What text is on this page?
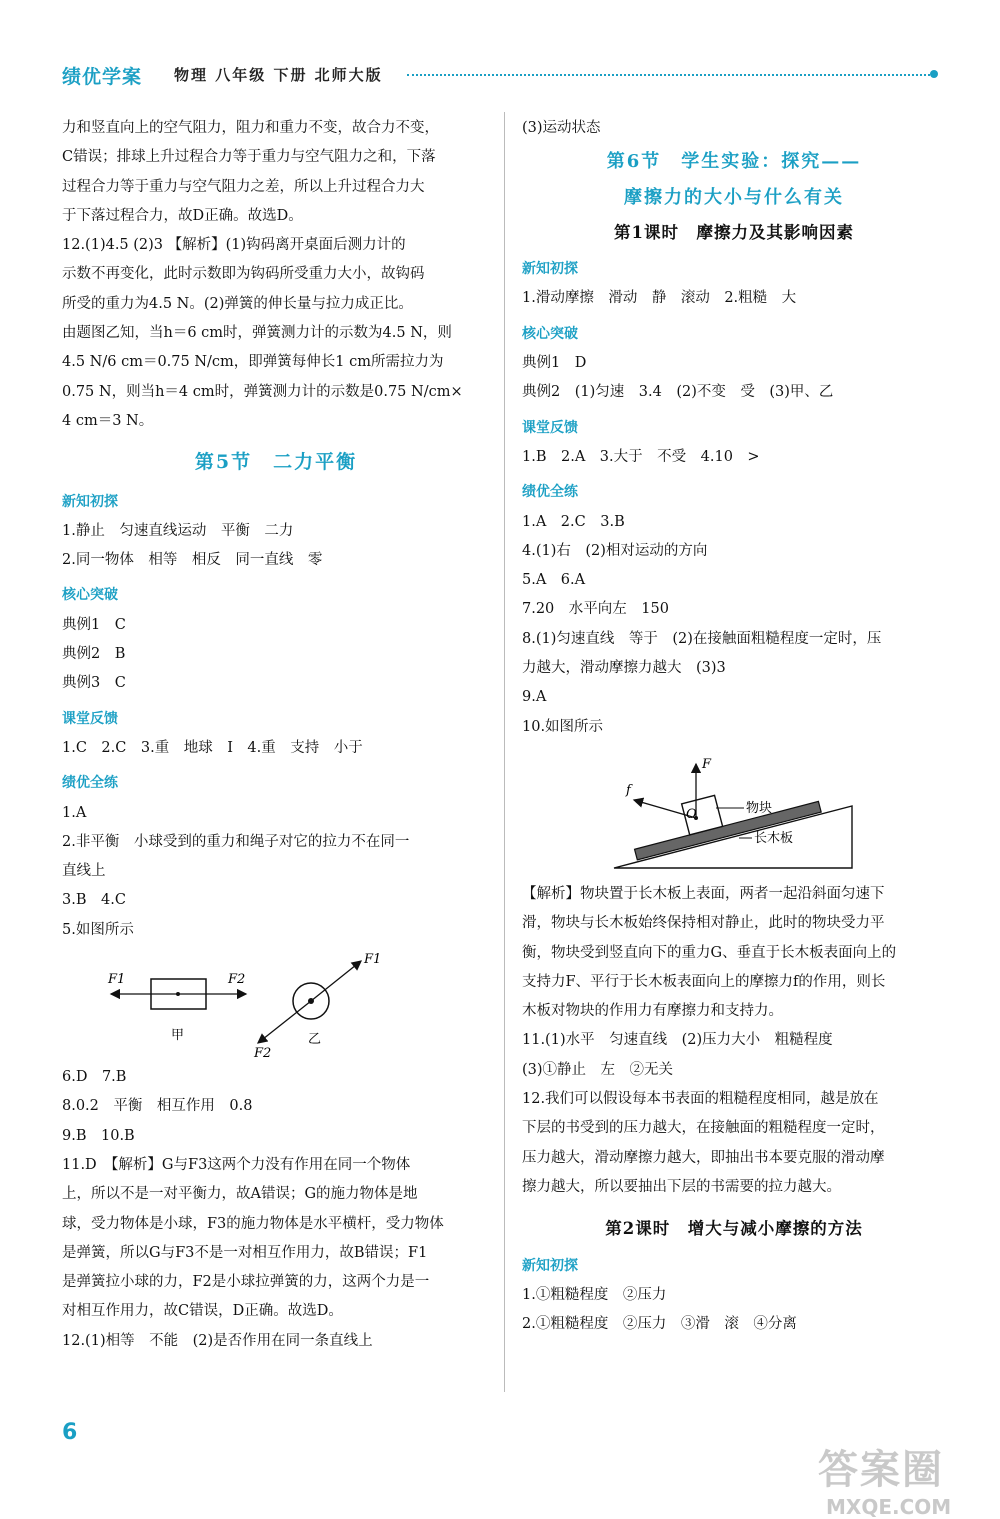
绩优学案 物理 八年级 下册 北师大版

力和竖直向上的空气阻力，阻力和重力不变，故合力不变，

C错误；排球上升过程合力等于重力与空气阻力之和，下落

过程合力等于重力与空气阻力之差，所以上升过程合力大

于下落过程合力，故D正确。故选D。

12.(1)4.5 (2)3 【解析】(1)钩码离开桌面后测力计的

示数不再变化，此时示数即为钩码所受重力大小，故钩码

所受的重力为4.5 N。(2)弹簧的伸长量与拉力成正比。

由题图乙知，当h＝6 cm时，弹簧测力计的示数为4.5 N，则

4.5 N/6 cm＝0.75 N/cm，即弹簧每伸长1 cm所需拉力为

0.75 N，则当h＝4 cm时，弹簧测力计的示数是0.75 N/cm×

4 cm＝3 N。

第5节　二力平衡
新知初探

1.静止　匀速直线运动　平衡　二力

2.同一物体　相等　相反　同一直线　零

核心突破

典例1　C

典例2　B

典例3　C

课堂反馈

1.C　2.C　3.重　地球　I　4.重　支持　小于

绩优全练

1.A

2.非平衡　小球受到的重力和绳子对它的拉力不在同一

直线上

3.B　4.C

5.如图所示

F1	F2
甲
F1
F2
乙

6.D　7.B

8.0.2　平衡　相互作用　0.8

9.B　10.B

11.D　【解析】G与F3这两个力没有作用在同一个物体

上，所以不是一对平衡力，故A错误；G的施力物体是地

球，受力物体是小球，F3的施力物体是水平横杆，受力物体

是弹簧，所以G与F3不是一对相互作用力，故B错误；F1

是弹簧拉小球的力，F2是小球拉弹簧的力，这两个力是一

对相互作用力，故C错误，D正确。故选D。

12.(1)相等　不能　(2)是否作用在同一条直线上

(3)运动状态

第6节　学生实验：探究——
摩擦力的大小与什么有关
第1课时　摩擦力及其影响因素
新知初探

1.滑动摩擦　滑动　静　滚动　2.粗糙　大

核心突破

典例1　D

典例2　(1)匀速　3.4　(2)不变　受　(3)甲、乙

课堂反馈

1.B　2.A　3.大于　不受　4.10　>

绩优全练

1.A　2.C　3.B

4.(1)右　(2)相对运动的方向

5.A　6.A

7.20　水平向左　150

8.(1)匀速直线　等于　(2)在接触面粗糙程度一定时，压

力越大，滑动摩擦力越大　(3)3

9.A

10.如图所示

F
f
O	物块
长木板

【解析】物块置于长木板上表面，两者一起沿斜面匀速下

滑，物块与长木板始终保持相对静止，此时的物块受力平

衡，物块受到竖直向下的重力G、垂直于长木板表面向上的

支持力F、平行于长木板表面向上的摩擦力f的作用，则长

木板对物块的作用力有摩擦力和支持力。

11.(1)水平　匀速直线　(2)压力大小　粗糙程度

(3)①静止　左　②无关

12.我们可以假设每本书表面的粗糙程度相同，越是放在

下层的书受到的压力越大，在接触面的粗糙程度一定时，

压力越大，滑动摩擦力越大，即抽出书本要克服的滑动摩

擦力越大，所以要抽出下层的书需要的拉力越大。

第2课时　增大与减小摩擦的方法
新知初探

1.①粗糙程度　②压力

2.①粗糙程度　②压力　③滑　滚　④分离

6
答案圈
MXQE.COM
